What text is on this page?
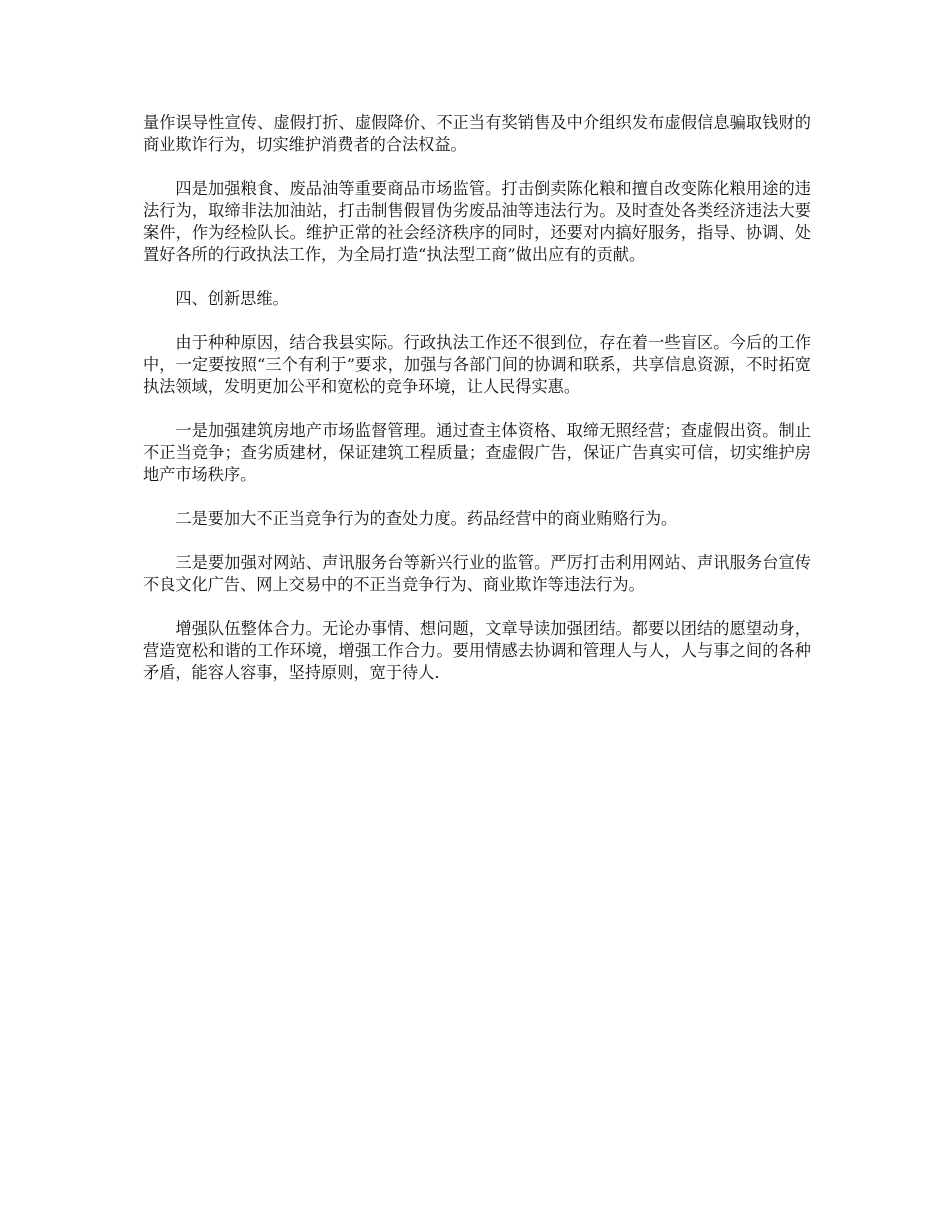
量作误导性宣传、虚假打折、虚假降价、不正当有奖销售及中介组织发布虚假信息骗取钱财的商业欺诈行为，切实维护消费者的合法权益。

四是加强粮食、废品油等重要商品市场监管。打击倒卖陈化粮和擅自改变陈化粮用途的违法行为，取缔非法加油站，打击制售假冒伪劣废品油等违法行为。及时查处各类经济违法大要案件，作为经检队长。维护正常的社会经济秩序的同时，还要对内搞好服务，指导、协调、处置好各所的行政执法工作，为全局打造“执法型工商”做出应有的贡献。

四、创新思维。

由于种种原因，结合我县实际。行政执法工作还不很到位，存在着一些盲区。今后的工作中，一定要按照“三个有利于”要求，加强与各部门间的协调和联系，共享信息资源，不时拓宽执法领域，发明更加公平和宽松的竞争环境，让人民得实惠。

一是加强建筑房地产市场监督管理。通过查主体资格、取缔无照经营；查虚假出资。制止不正当竞争；查劣质建材，保证建筑工程质量；查虚假广告，保证广告真实可信，切实维护房地产市场秩序。

二是要加大不正当竞争行为的查处力度。药品经营中的商业贿赂行为。

三是要加强对网站、声讯服务台等新兴行业的监管。严厉打击利用网站、声讯服务台宣传不良文化广告、网上交易中的不正当竞争行为、商业欺诈等违法行为。

增强队伍整体合力。无论办事情、想问题，文章导读加强团结。都要以团结的愿望动身，营造宽松和谐的工作环境，增强工作合力。要用情感去协调和管理人与人，人与事之间的各种矛盾，能容人容事，坚持原则，宽于待人.
